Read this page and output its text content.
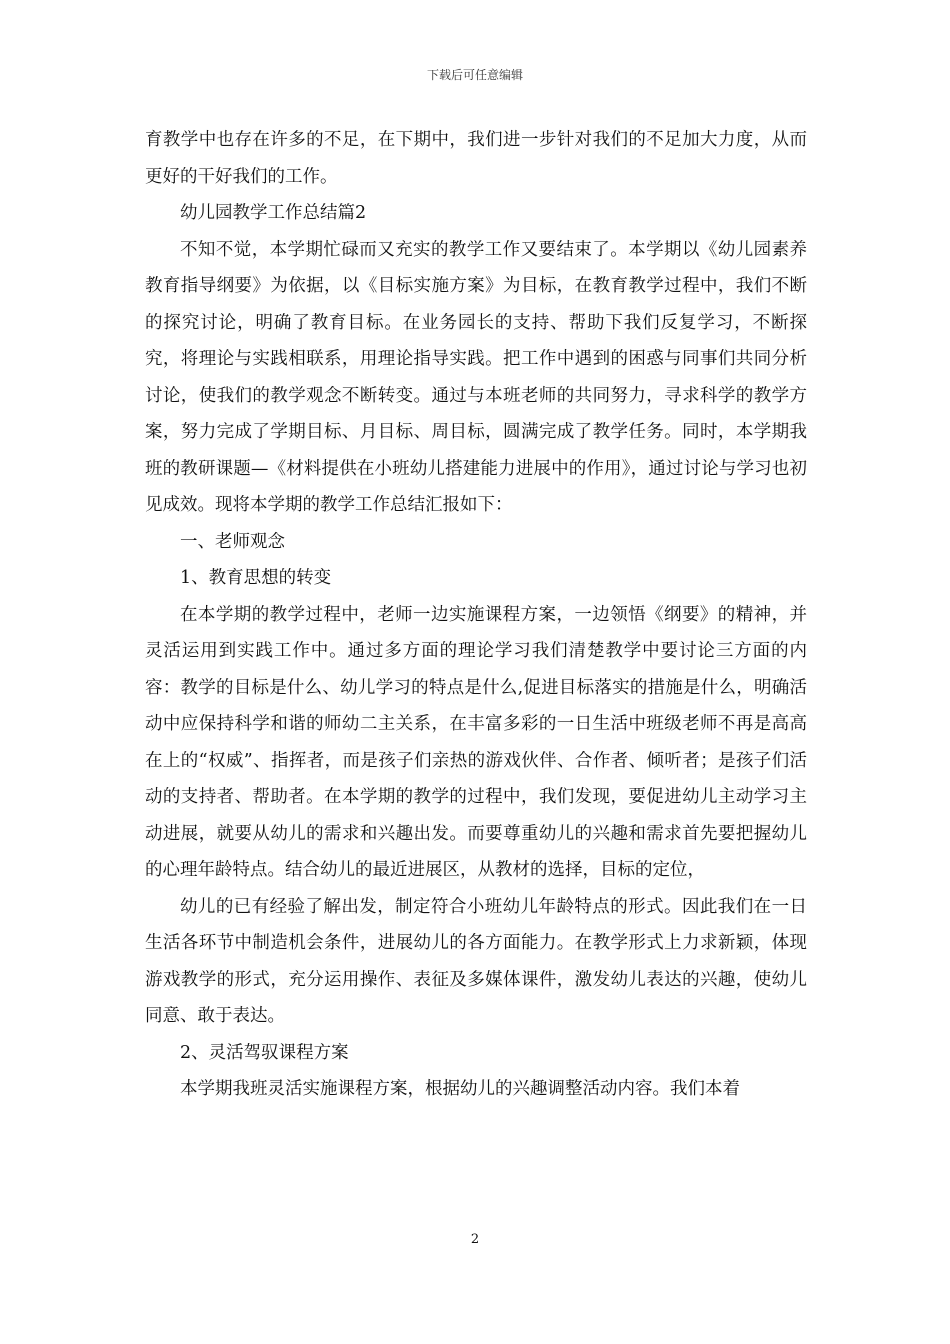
下载后可任意编辑

育教学中也存在许多的不足，在下期中，我们进一步针对我们的不足加大力度，从而更好的干好我们的工作。

幼儿园教学工作总结篇2

不知不觉，本学期忙碌而又充实的教学工作又要结束了。本学期以《幼儿园素养教育指导纲要》为依据，以《目标实施方案》为目标，在教育教学过程中，我们不断的探究讨论，明确了教育目标。在业务园长的支持、帮助下我们反复学习，不断探究，将理论与实践相联系，用理论指导实践。把工作中遇到的困惑与同事们共同分析讨论，使我们的教学观念不断转变。通过与本班老师的共同努力，寻求科学的教学方案，努力完成了学期目标、月目标、周目标，圆满完成了教学任务。同时，本学期我班的教研课题—《材料提供在小班幼儿搭建能力进展中的作用》，通过讨论与学习也初见成效。现将本学期的教学工作总结汇报如下：

一、老师观念

1、教育思想的转变

在本学期的教学过程中，老师一边实施课程方案，一边领悟《纲要》的精神，并灵活运用到实践工作中。通过多方面的理论学习我们清楚教学中要讨论三方面的内容：教学的目标是什么、幼儿学习的特点是什么,促进目标落实的措施是什么，明确活动中应保持科学和谐的师幼二主关系，在丰富多彩的一日生活中班级老师不再是高高在上的“权威”、指挥者，而是孩子们亲热的游戏伙伴、合作者、倾听者；是孩子们活动的支持者、帮助者。在本学期的教学的过程中，我们发现，要促进幼儿主动学习主动进展，就要从幼儿的需求和兴趣出发。而要尊重幼儿的兴趣和需求首先要把握幼儿的心理年龄特点。结合幼儿的最近进展区，从教材的选择，目标的定位，

幼儿的已有经验了解出发，制定符合小班幼儿年龄特点的形式。因此我们在一日生活各环节中制造机会条件，进展幼儿的各方面能力。在教学形式上力求新颖，体现游戏教学的形式，充分运用操作、表征及多媒体课件，激发幼儿表达的兴趣，使幼儿同意、敢于表达。

2、灵活驾驭课程方案

本学期我班灵活实施课程方案，根据幼儿的兴趣调整活动内容。我们本着

2
